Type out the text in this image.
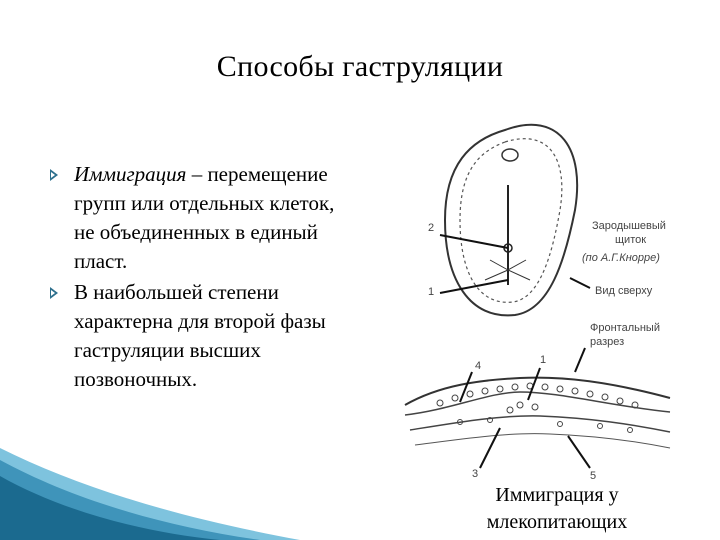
Способы гаструляции
Иммиграция – перемещение групп или отдельных клеток, не объединенных в единый пласт.
В наибольшей степени характерна для второй фазы гаструляции высших позвоночных.
Зародышевый
щиток
(по А.Г.Кнорре)
Вид сверху
Фронтальный
разрез
2
1
4	1
3	5
Иммиграция у
млекопитающих
